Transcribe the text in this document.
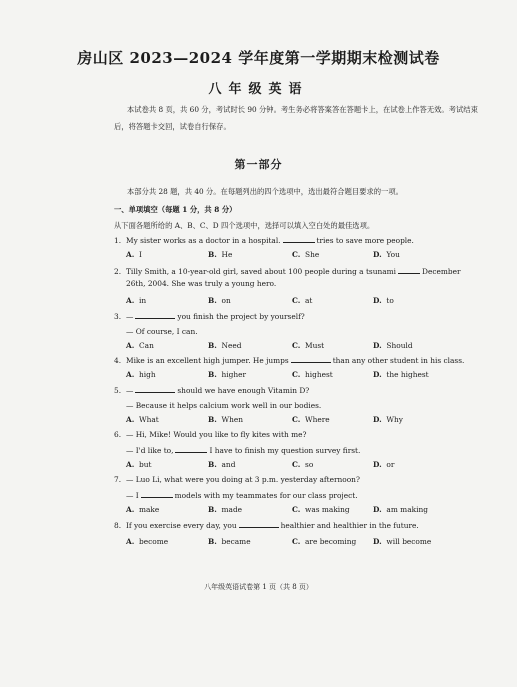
房山区 2023—2024 学年度第一学期期末检测试卷
八年级英语
本试卷共 8 页，共 60 分，考试时长 90 分钟。考生务必将答案答在答题卡上，在试卷上作答无效。考试结束后，将答题卡交回，试卷自行保存。
第一部分
本部分共 28 题，共 40 分。在每题列出的四个选项中，选出最符合题目要求的一项。
一、单项填空（每题 1 分，共 8 分）
从下面各题所给的 A、B、C、D 四个选项中，选择可以填入空白处的最佳选项。
1. My sister works as a doctor in a hospital.	tries to save more people.
A. I	B. He	C. She	D. You
2. Tilly Smith, a 10-year-old girl, saved about 100 people during a tsunami	December
26th, 2004. She was truly a young hero.
A. in	B. on	C. at	D. to
3. —	you finish the project by yourself?
— Of course, I can.
A. Can	B. Need	C. Must	D. Should
4. Mike is an excellent high jumper. He jumps	than any other student in his class.
A. high	B. higher	C. highest	D. the highest
5. —	should we have enough Vitamin D?
— Because it helps calcium work well in our bodies.
A. What	B. When	C. Where	D. Why
6. — Hi, Mike! Would you like to fly kites with me?
— I'd like to,	I have to finish my question survey first.
A. but	B. and	C. so	D. or
7. — Luo Li, what were you doing at 3 p.m. yesterday afternoon?
— I	models with my teammates for our class project.
A. make	B. made	C. was making	D. am making
8. If you exercise every day, you	healthier and healthier in the future.
A. become	B. became	C. are becoming D. will become
八年级英语试卷第 1 页（共 8 页）
